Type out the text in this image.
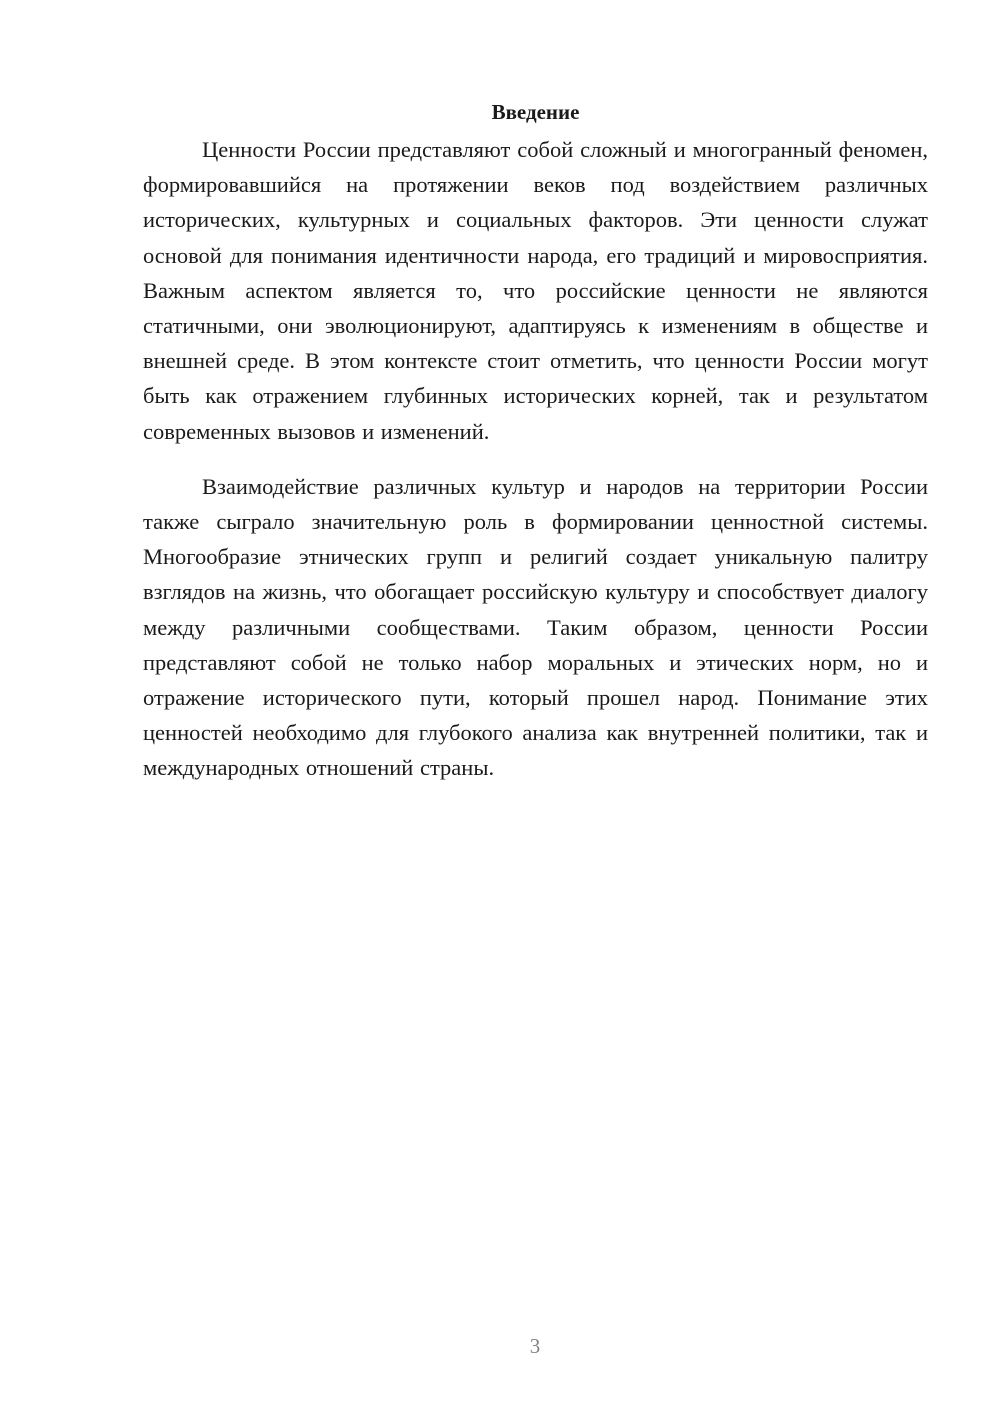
Введение

Ценности России представляют собой сложный и многогранный феномен, формировавшийся на протяжении веков под воздействием различных исторических, культурных и социальных факторов. Эти ценности служат основой для понимания идентичности народа, его традиций и мировосприятия. Важным аспектом является то, что российские ценности не являются статичными, они эволюционируют, адаптируясь к изменениям в обществе и внешней среде. В этом контексте стоит отметить, что ценности России могут быть как отражением глубинных исторических корней, так и результатом современных вызовов и изменений.

Взаимодействие различных культур и народов на территории России также сыграло значительную роль в формировании ценностной системы. Многообразие этнических групп и религий создает уникальную палитру взглядов на жизнь, что обогащает российскую культуру и способствует диалогу между различными сообществами. Таким образом, ценности России представляют собой не только набор моральных и этических норм, но и отражение исторического пути, который прошел народ. Понимание этих ценностей необходимо для глубокого анализа как внутренней политики, так и международных отношений страны.

3
